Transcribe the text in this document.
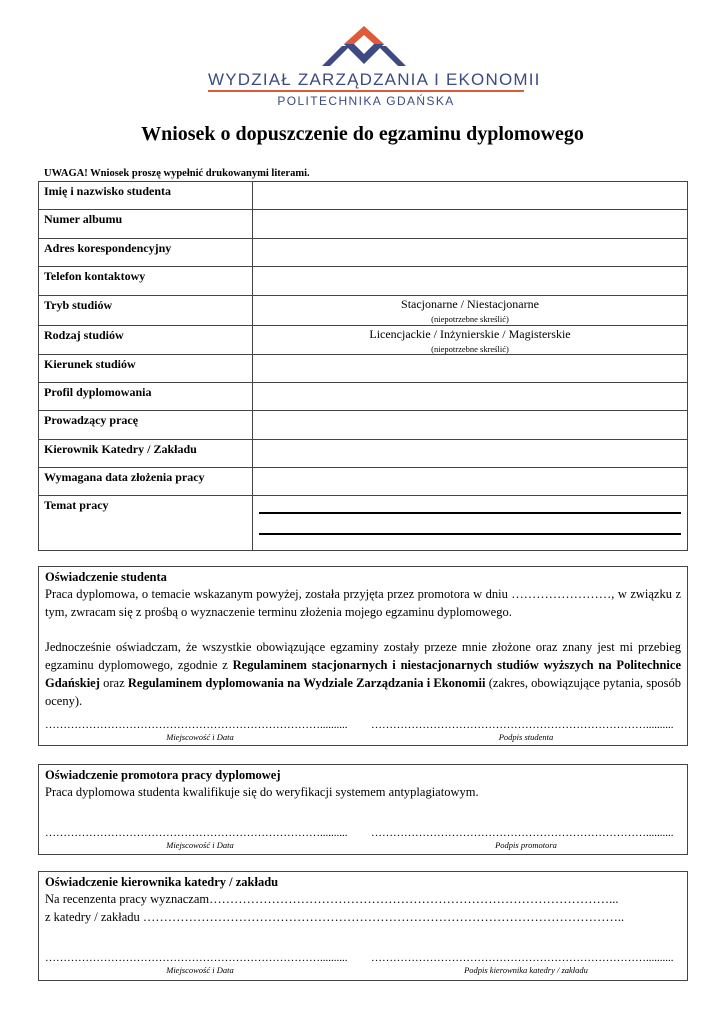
WYDZIAŁ ZARZĄDZANIA I EKONOMII
POLITECHNIKA GDAŃSKA
Wniosek o dopuszczenie do egzaminu dyplomowego
UWAGA! Wniosek proszę wypełnić drukowanymi literami.
Imię i nazwisko studenta	
Numer albumu	
Adres korespondencyjny	
Telefon kontaktowy	
Tryb studiów	Stacjonarne / Niestacjonarne
(niepotrzebne skreślić)

Rodzaj studiów	Licencjackie / Inżynierskie / Magisterskie
(niepotrzebne skreślić)

Kierunek studiów	
Profil dyplomowania	
Prowadzący pracę	
Kierownik Katedry / Zakładu	
Wymagana data złożenia pracy	
Temat pracy	
Oświadczenie studenta

Praca dyplomowa, o temacie wskazanym powyżej, została przyjęta przez promotora w dniu ……………………, w związku z tym, zwracam się z prośbą o wyznaczenie terminu złożenia mojego egzaminu dyplomowego.

Jednocześnie oświadczam, że wszystkie obowiązujące egzaminy zostały przeze mnie złożone oraz znany jest mi przebieg egzaminu dyplomowego, zgodnie z Regulaminem stacjonarnych i niestacjonarnych studiów wyższych na Politechnice Gdańskiej oraz Regulaminem dyplomowania na Wydziale Zarządzania i Ekonomii (zakres, obowiązujące pytania, sposób oceny).

…………………………………………………………………..........
Miejscowość i Data
…………………………………………………………………..........
Podpis studenta
Oświadczenie promotora pracy dyplomowej

Praca dyplomowa studenta kwalifikuje się do weryfikacji systemem antyplagiatowym.

…………………………………………………………………..........
Miejscowość i Data
…………………………………………………………………..........
Podpis promotora
Oświadczenie kierownika katedry / zakładu
Na recenzenta pracy wyznaczam……………………………………………………………………………………...
z katedry / zakładu ……………………………………………………………………………………………………..
…………………………………………………………………..........
Miejscowość i Data
…………………………………………………………………..........
Podpis kierownika katedry / zakładu
